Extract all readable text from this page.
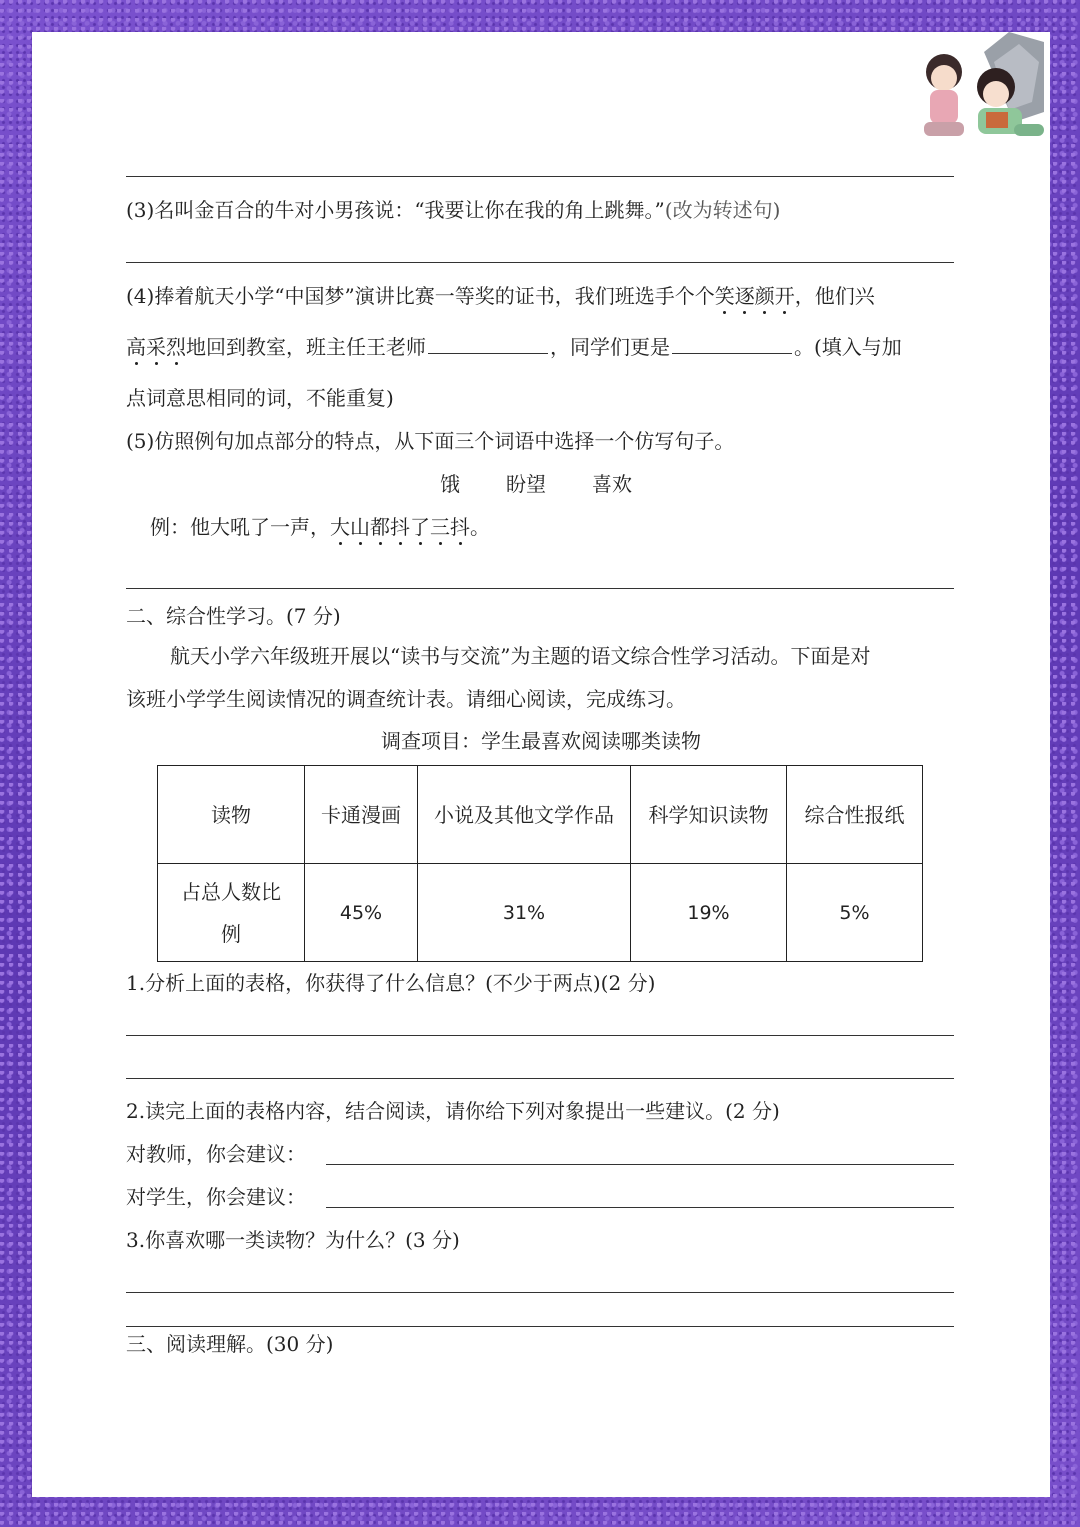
(3)名叫金百合的牛对小男孩说：“我要让你在我的角上跳舞。”(改为转述句)
(4)捧着航天小学“中国梦”演讲比赛一等奖的证书，我们班选手个个笑逐颜开，他们兴
高采烈地回到教室，班主任王老师	，同学们更是	。(填入与加
点词意思相同的词，不能重复)
(5)仿照例句加点部分的特点，从下面三个词语中选择一个仿写句子。
饿 盼望 喜欢
例：他大吼了一声，大山都抖了三抖。
二、综合性学习。(7 分)
航天小学六年级班开展以“读书与交流”为主题的语文综合性学习活动。下面是对
该班小学学生阅读情况的调查统计表。请细心阅读，完成练习。
调查项目：学生最喜欢阅读哪类读物
读物	卡通漫画	小说及其他文学作品	科学知识读物	综合性报纸
占总人数比例	45%	31%	19%	5%
1.分析上面的表格，你获得了什么信息？(不少于两点)(2 分)
2.读完上面的表格内容，结合阅读，请你给下列对象提出一些建议。(2 分)
对教师，你会建议：
对学生，你会建议：
3.你喜欢哪一类读物？为什么？(3 分)
三、阅读理解。(30 分)
